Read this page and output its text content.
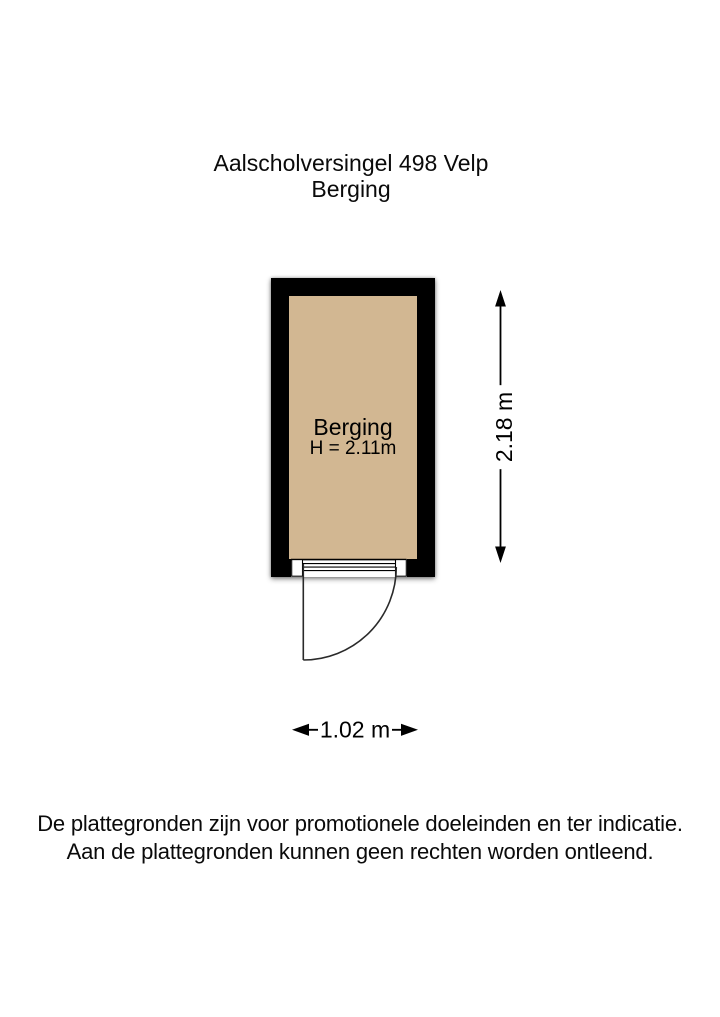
Aalscholversingel 498 Velp
Berging
Berging
H = 2.11m	2.18 m
1.02 m
De plattegronden zijn voor promotionele doeleinden en ter indicatie.
Aan de plattegronden kunnen geen rechten worden ontleend.
